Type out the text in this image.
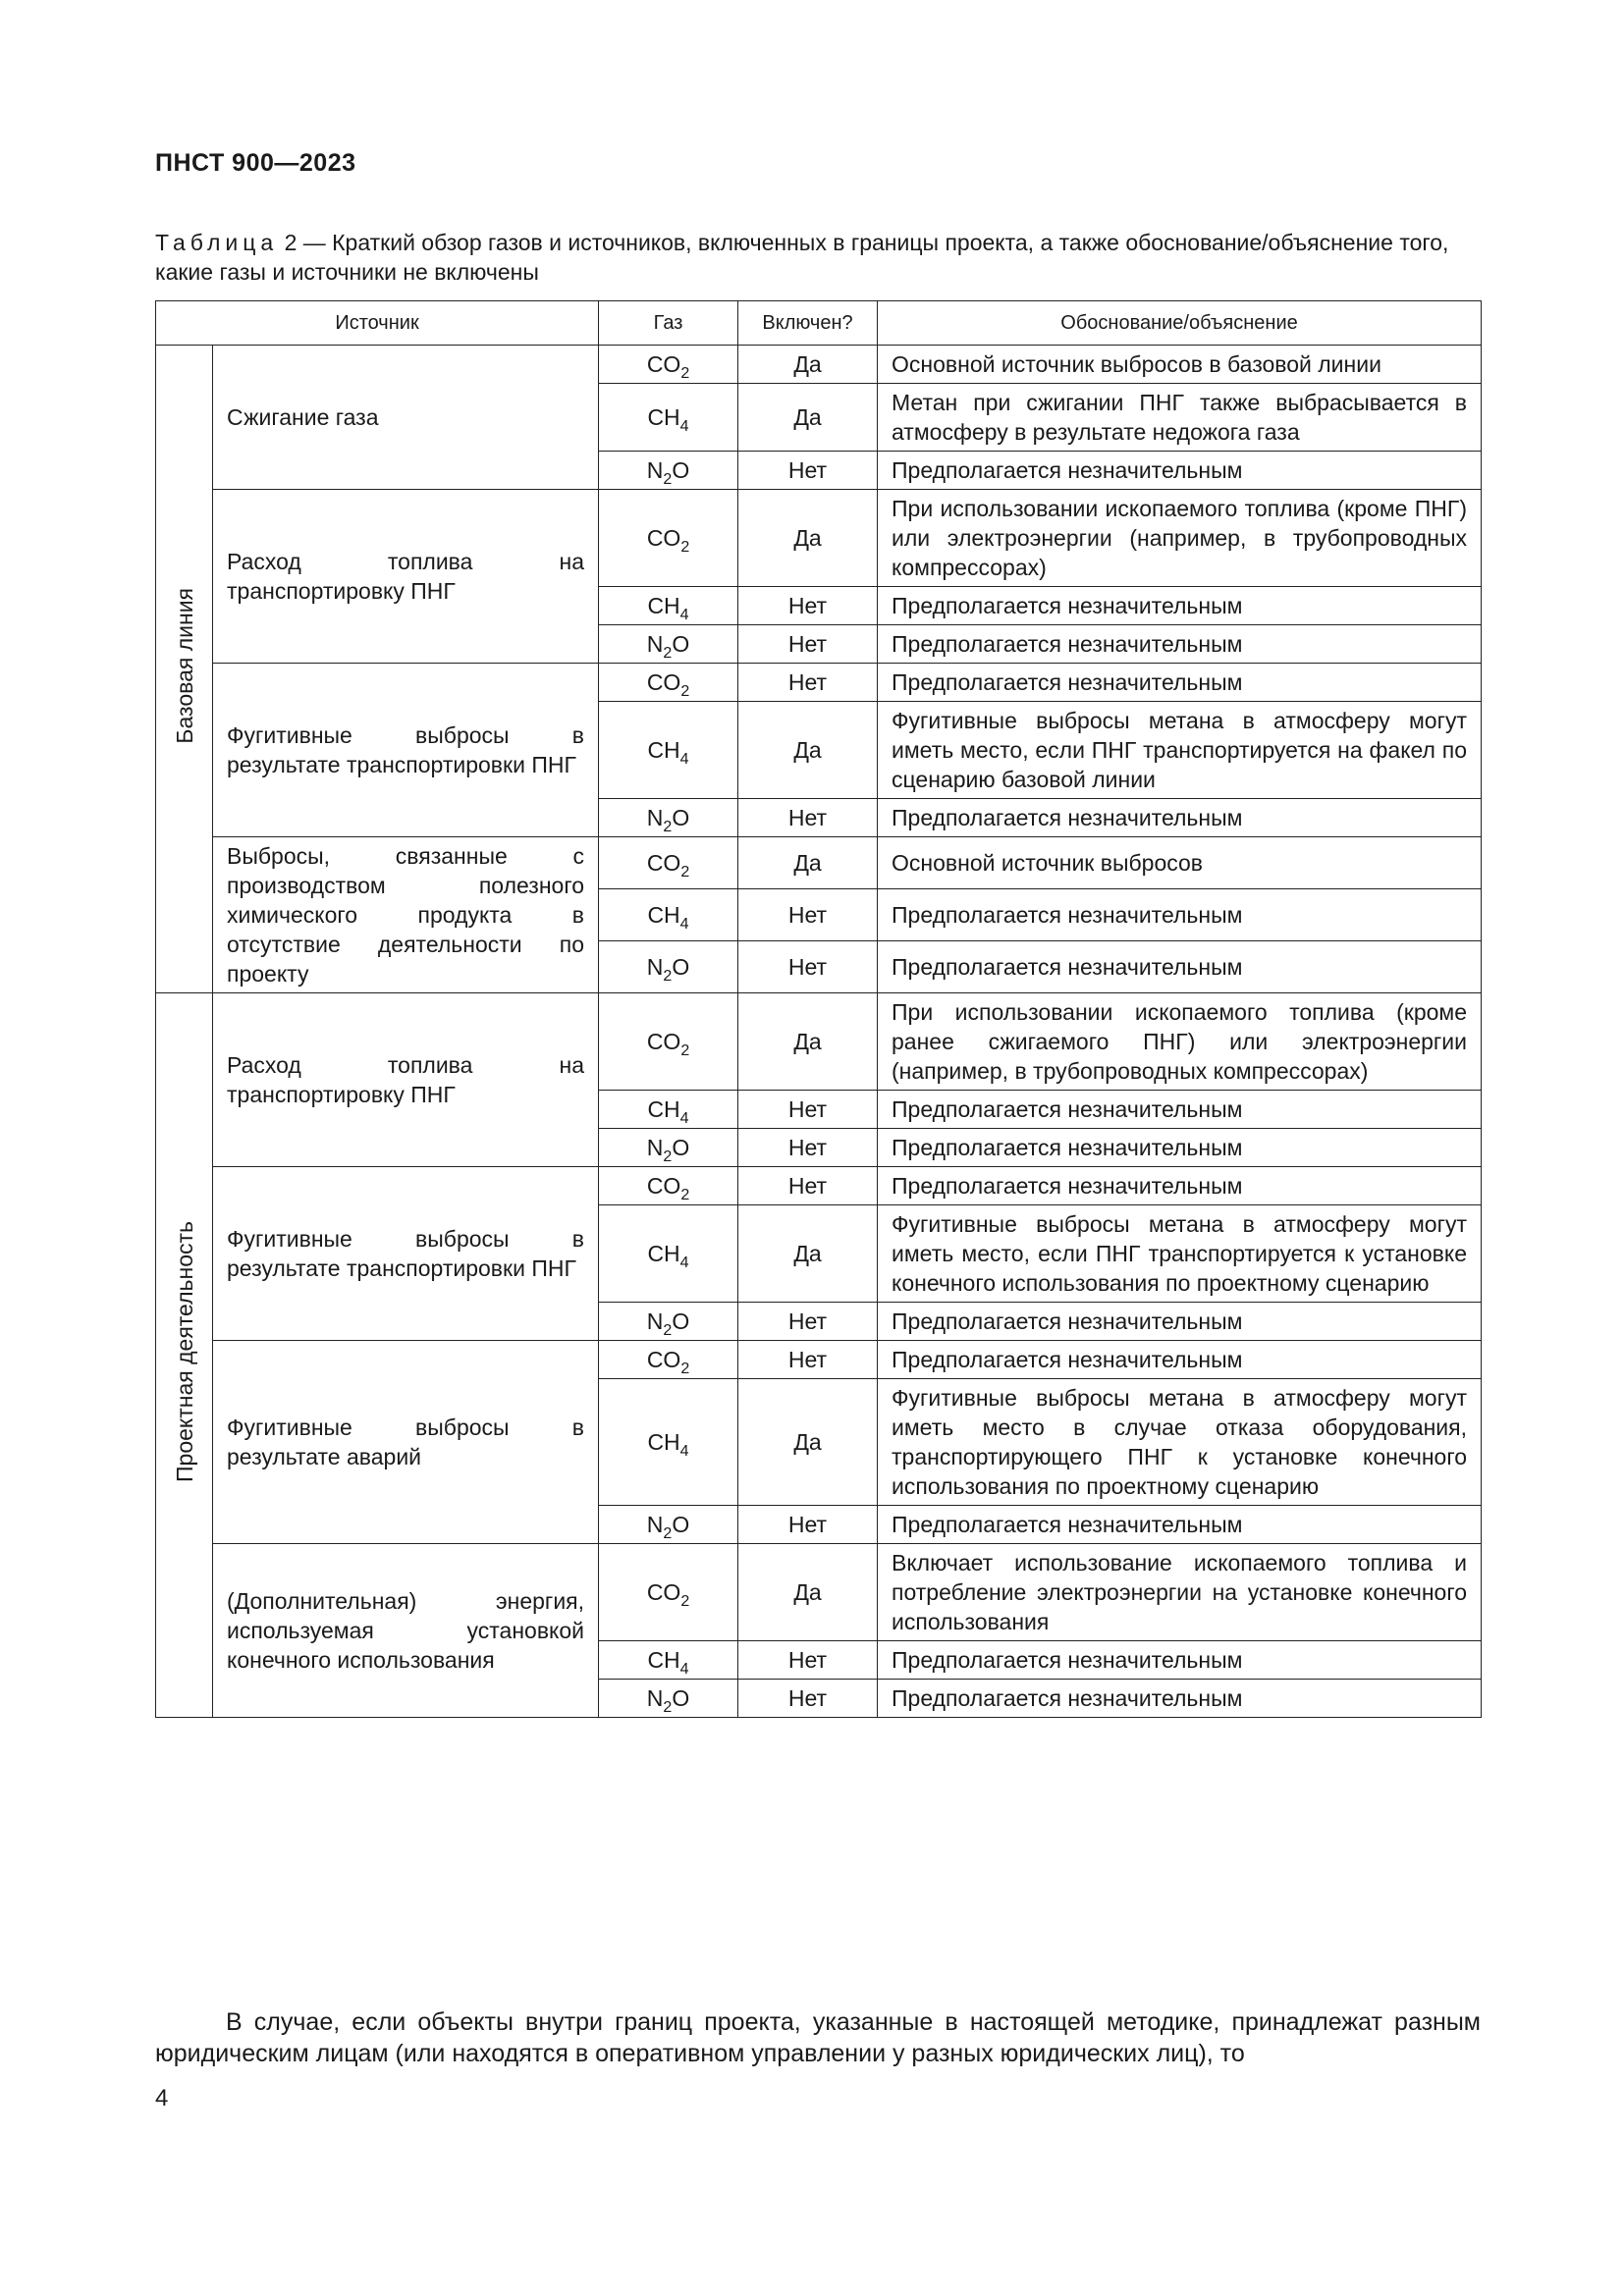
ПНСТ 900—2023
Таблица 2 — Краткий обзор газов и источников, включенных в границы проекта, а также обоснование/объяснение того, какие газы и источники не включены
Источник		Газ	Включен?	Обоснование/объяснение
Базовая линия	Сжигание газа	$CO_2$	Да	Основной источник выбросов в базовой линии
		$CH_4$	Да	Метан при сжигании ПНГ также выбрасывается в атмосферу в результате недожога газа
		$N_2O$	Нет	Предполагается незначительным
	Расход топлива на транспортировку ПНГ	$CO_2$	Да	При использовании ископаемого топлива (кроме ПНГ) или электроэнергии (например, в трубопроводных компрессорах)
		$CH_4$	Нет	Предполагается незначительным
		$N_2O$	Нет	Предполагается незначительным
	Фугитивные выбросы в результате транспортировки ПНГ	$CO_2$	Нет	Предполагается незначительным
		$CH_4$	Да	Фугитивные выбросы метана в атмосферу могут иметь место, если ПНГ транспортируется на факел по сценарию базовой линии
		$N_2O$	Нет	Предполагается незначительным
	Выбросы, связанные с производством полезного химического продукта в отсутствие деятельности по проекту	$CO_2$	Да	Основной источник выбросов
		$CH_4$	Нет	Предполагается незначительным
		$N_2O$	Нет	Предполагается незначительным
Проектная деятельность	Расход топлива на транспортировку ПНГ	$CO_2$	Да	При использовании ископаемого топлива (кроме ранее сжигаемого ПНГ) или электроэнергии (например, в трубопроводных компрессорах)
		$CH_4$	Нет	Предполагается незначительным
		$N_2O$	Нет	Предполагается незначительным
	Фугитивные выбросы в результате транспортировки ПНГ	$CO_2$	Нет	Предполагается незначительным
		$CH_4$	Да	Фугитивные выбросы метана в атмосферу могут иметь место, если ПНГ транспортируется к установке конечного использования по проектному сценарию
		$N_2O$	Нет	Предполагается незначительным
	Фугитивные выбросы в результате аварий	$CO_2$	Нет	Предполагается незначительным
		$CH_4$	Да	Фугитивные выбросы метана в атмосферу могут иметь место в случае отказа оборудования, транспортирующего ПНГ к установке конечного использования по проектному сценарию
		$N_2O$	Нет	Предполагается незначительным
	(Дополнительная) энергия, используемая установкой конечного использования	$CO_2$	Да	Включает использование ископаемого топлива и потребление электроэнергии на установке конечного использования
		$CH_4$	Нет	Предполагается незначительным
		$N_2O$	Нет	Предполагается незначительным
В случае, если объекты внутри границ проекта, указанные в настоящей методике, принадлежат разным юридическим лицам (или находятся в оперативном управлении у разных юридических лиц), то
4
